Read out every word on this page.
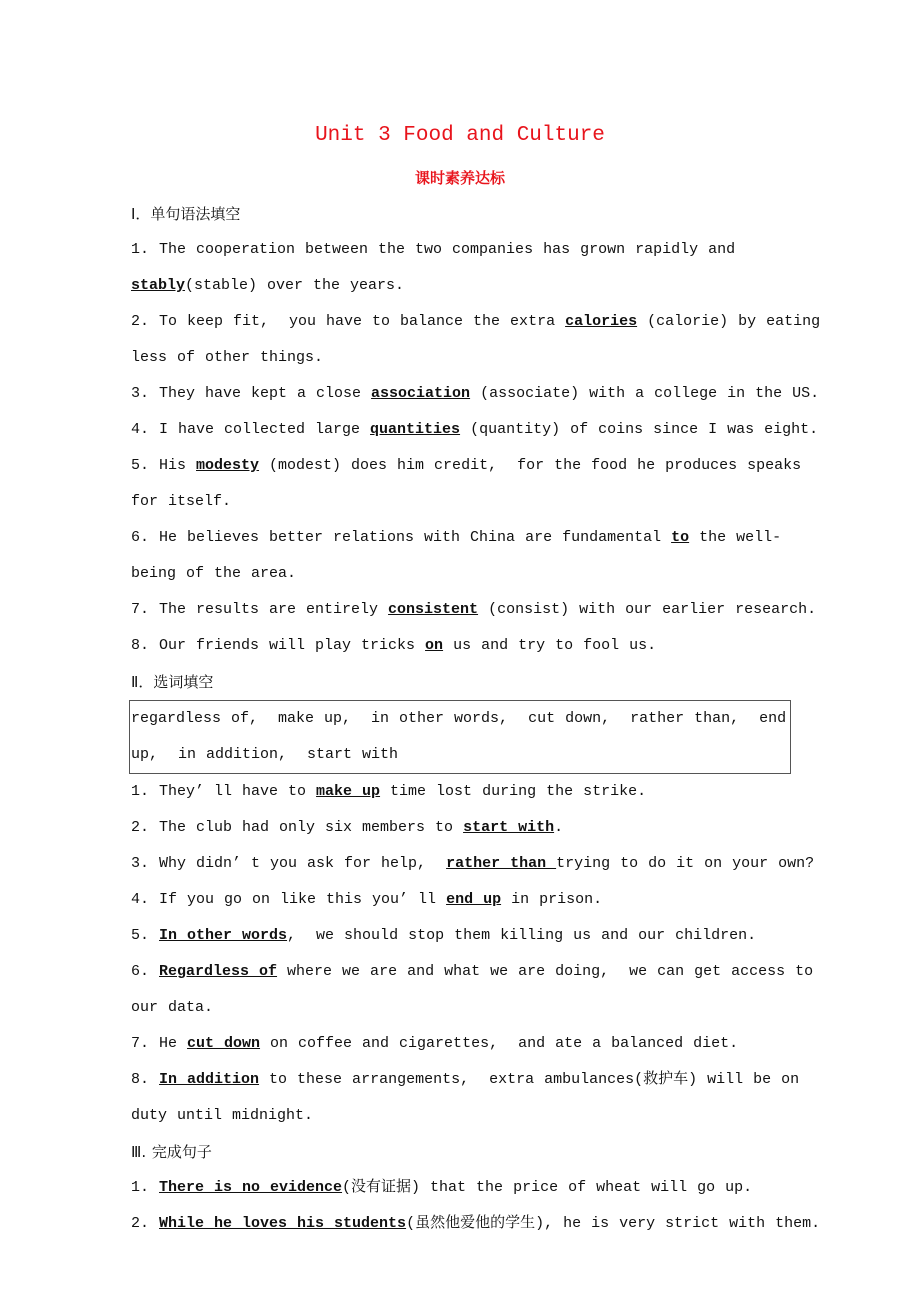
Unit 3 Food and Culture
课时素养达标
Ⅰ．单句语法填空
1. The cooperation between the two companies has grown rapidly and stably(stable) over the years.
2. To keep fit,  you have to balance the extra calories (calorie) by eating less of other things.
3. They have kept a close association (associate) with a college in the US.
4. I have collected large quantities (quantity) of coins since I was eight.
5. His modesty (modest) does him credit,  for the food he produces speaks for itself.
6. He believes better relations with China are fundamental to the well-being of the area.
7. The results are entirely consistent (consist) with our earlier research.
8. Our friends will play tricks on us and try to fool us.
Ⅱ．选词填空
regardless of,  make up,  in other words,  cut down,  rather than,  end up,  in addition,  start with
1. They’ ll have to make up time lost during the strike.
2. The club had only six members to start with.
3. Why didn’ t you ask for help,  rather than trying to do it on your own?
4. If you go on like this you’ ll end up in prison.
5. In other words,  we should stop them killing us and our children.
6. Regardless of where we are and what we are doing,  we can get access to our data.
7. He cut down on coffee and cigarettes,  and ate a balanced diet.
8. In addition to these arrangements,  extra ambulances(救护车) will be on duty until midnight.
Ⅲ. 完成句子
1. There is no evidence(没有证据) that the price of wheat will go up.
2. While he loves his students(虽然他爱他的学生), he is very strict with them.
